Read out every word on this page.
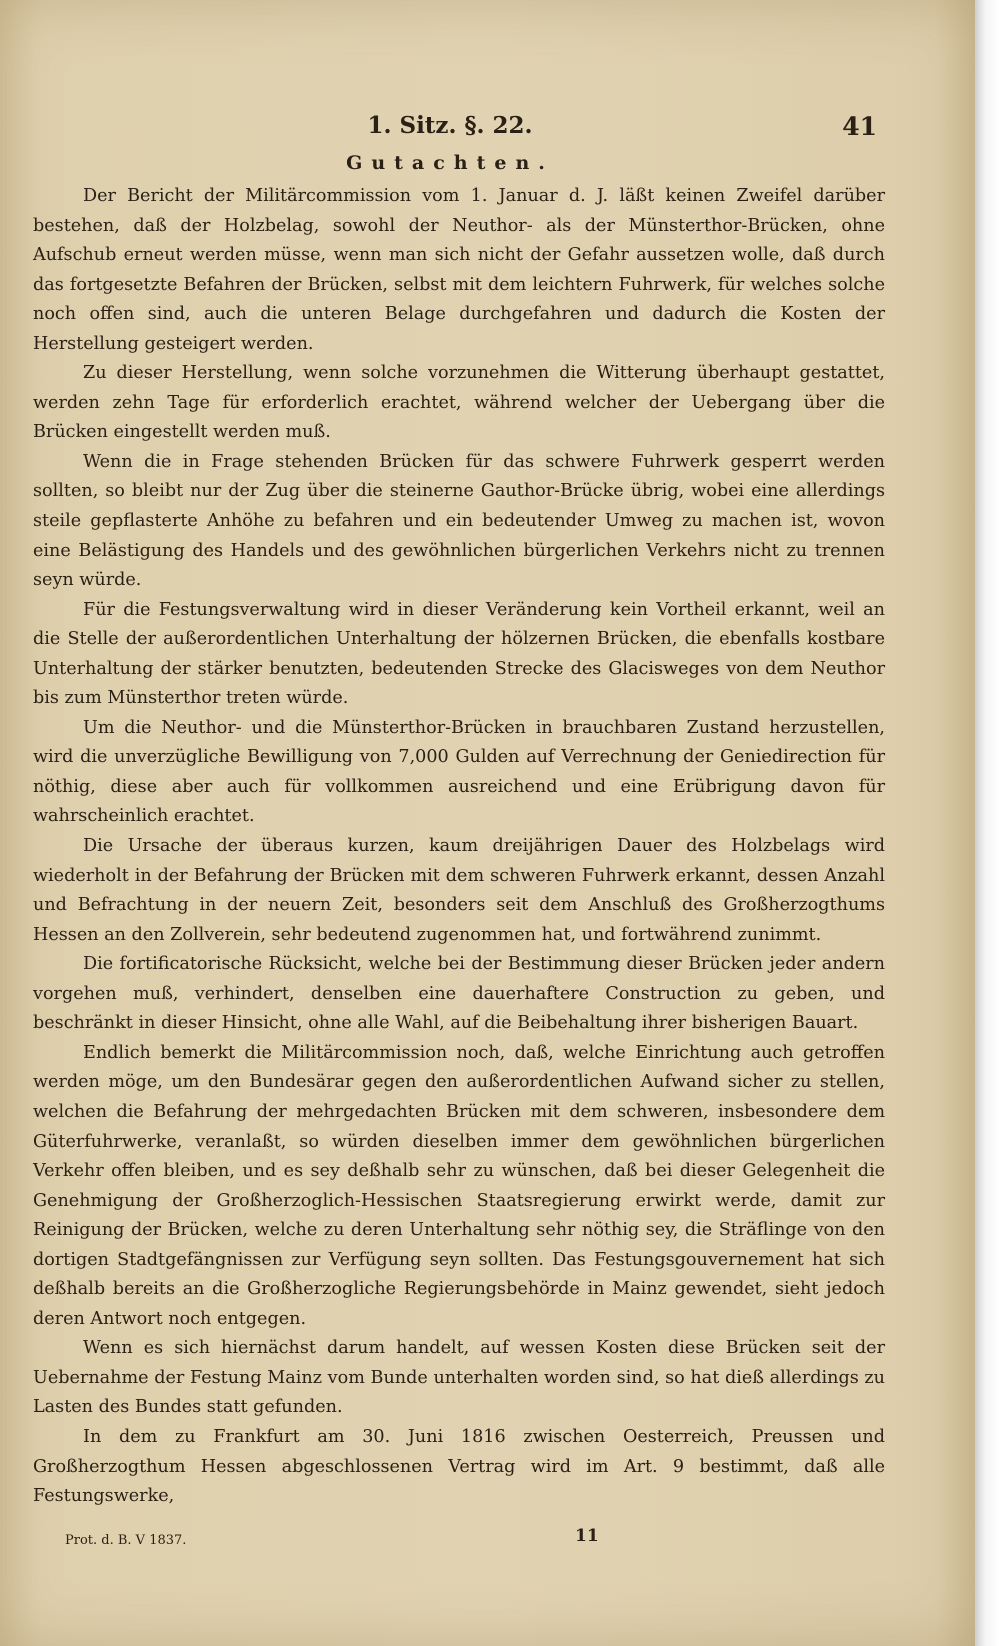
1. Sitz. §. 22.	41
Gutachten.

Der Bericht der Militärcommission vom 1. Januar d. J. läßt keinen Zweifel darüber bestehen, daß der Holzbelag, sowohl der Neuthor- als der Münsterthor-Brücken, ohne Aufschub erneut werden müsse, wenn man sich nicht der Gefahr aussetzen wolle, daß durch das fortgesetzte Befahren der Brücken, selbst mit dem leichtern Fuhrwerk, für welches solche noch offen sind, auch die unteren Belage durchgefahren und dadurch die Kosten der Herstellung gesteigert werden.

Zu dieser Herstellung, wenn solche vorzunehmen die Witterung überhaupt gestattet, werden zehn Tage für erforderlich erachtet, während welcher der Uebergang über die Brücken eingestellt werden muß.

Wenn die in Frage stehenden Brücken für das schwere Fuhrwerk gesperrt werden sollten, so bleibt nur der Zug über die steinerne Gauthor-Brücke übrig, wobei eine allerdings steile gepflasterte Anhöhe zu befahren und ein bedeutender Umweg zu machen ist, wovon eine Belästigung des Handels und des gewöhnlichen bürgerlichen Verkehrs nicht zu trennen seyn würde.

Für die Festungsverwaltung wird in dieser Veränderung kein Vortheil erkannt, weil an die Stelle der außerordentlichen Unterhaltung der hölzernen Brücken, die ebenfalls kostbare Unterhaltung der stärker benutzten, bedeutenden Strecke des Glacisweges von dem Neuthor bis zum Münsterthor treten würde.

Um die Neuthor- und die Münsterthor-Brücken in brauchbaren Zustand herzustellen, wird die unverzügliche Bewilligung von 7,000 Gulden auf Verrechnung der Geniedirection für nöthig, diese aber auch für vollkommen ausreichend und eine Erübrigung davon für wahrscheinlich erachtet.

Die Ursache der überaus kurzen, kaum dreijährigen Dauer des Holzbelags wird wiederholt in der Befahrung der Brücken mit dem schweren Fuhrwerk erkannt, dessen Anzahl und Befrachtung in der neuern Zeit, besonders seit dem Anschluß des Großherzogthums Hessen an den Zollverein, sehr bedeutend zugenommen hat, und fortwährend zunimmt.

Die fortificatorische Rücksicht, welche bei der Bestimmung dieser Brücken jeder andern vorgehen muß, verhindert, denselben eine dauerhaftere Construction zu geben, und beschränkt in dieser Hinsicht, ohne alle Wahl, auf die Beibehaltung ihrer bisherigen Bauart.

Endlich bemerkt die Militärcommission noch, daß, welche Einrichtung auch getroffen werden möge, um den Bundesärar gegen den außerordentlichen Aufwand sicher zu stellen, welchen die Befahrung der mehrgedachten Brücken mit dem schweren, insbesondere dem Güterfuhrwerke, veranlaßt, so würden dieselben immer dem gewöhnlichen bürgerlichen Verkehr offen bleiben, und es sey deßhalb sehr zu wünschen, daß bei dieser Gelegenheit die Genehmigung der Großherzoglich-Hessischen Staatsregierung erwirkt werde, damit zur Reinigung der Brücken, welche zu deren Unterhaltung sehr nöthig sey, die Sträflinge von den dortigen Stadtgefängnissen zur Verfügung seyn sollten. Das Festungsgouvernement hat sich deßhalb bereits an die Großherzogliche Regierungsbehörde in Mainz gewendet, sieht jedoch deren Antwort noch entgegen.

Wenn es sich hiernächst darum handelt, auf wessen Kosten diese Brücken seit der Uebernahme der Festung Mainz vom Bunde unterhalten worden sind, so hat dieß allerdings zu Lasten des Bundes statt gefunden.

In dem zu Frankfurt am 30. Juni 1816 zwischen Oesterreich, Preussen und Großherzogthum Hessen abgeschlossenen Vertrag wird im Art. 9 bestimmt, daß alle Festungswerke,

Prot. d. B. V 1837.	11
